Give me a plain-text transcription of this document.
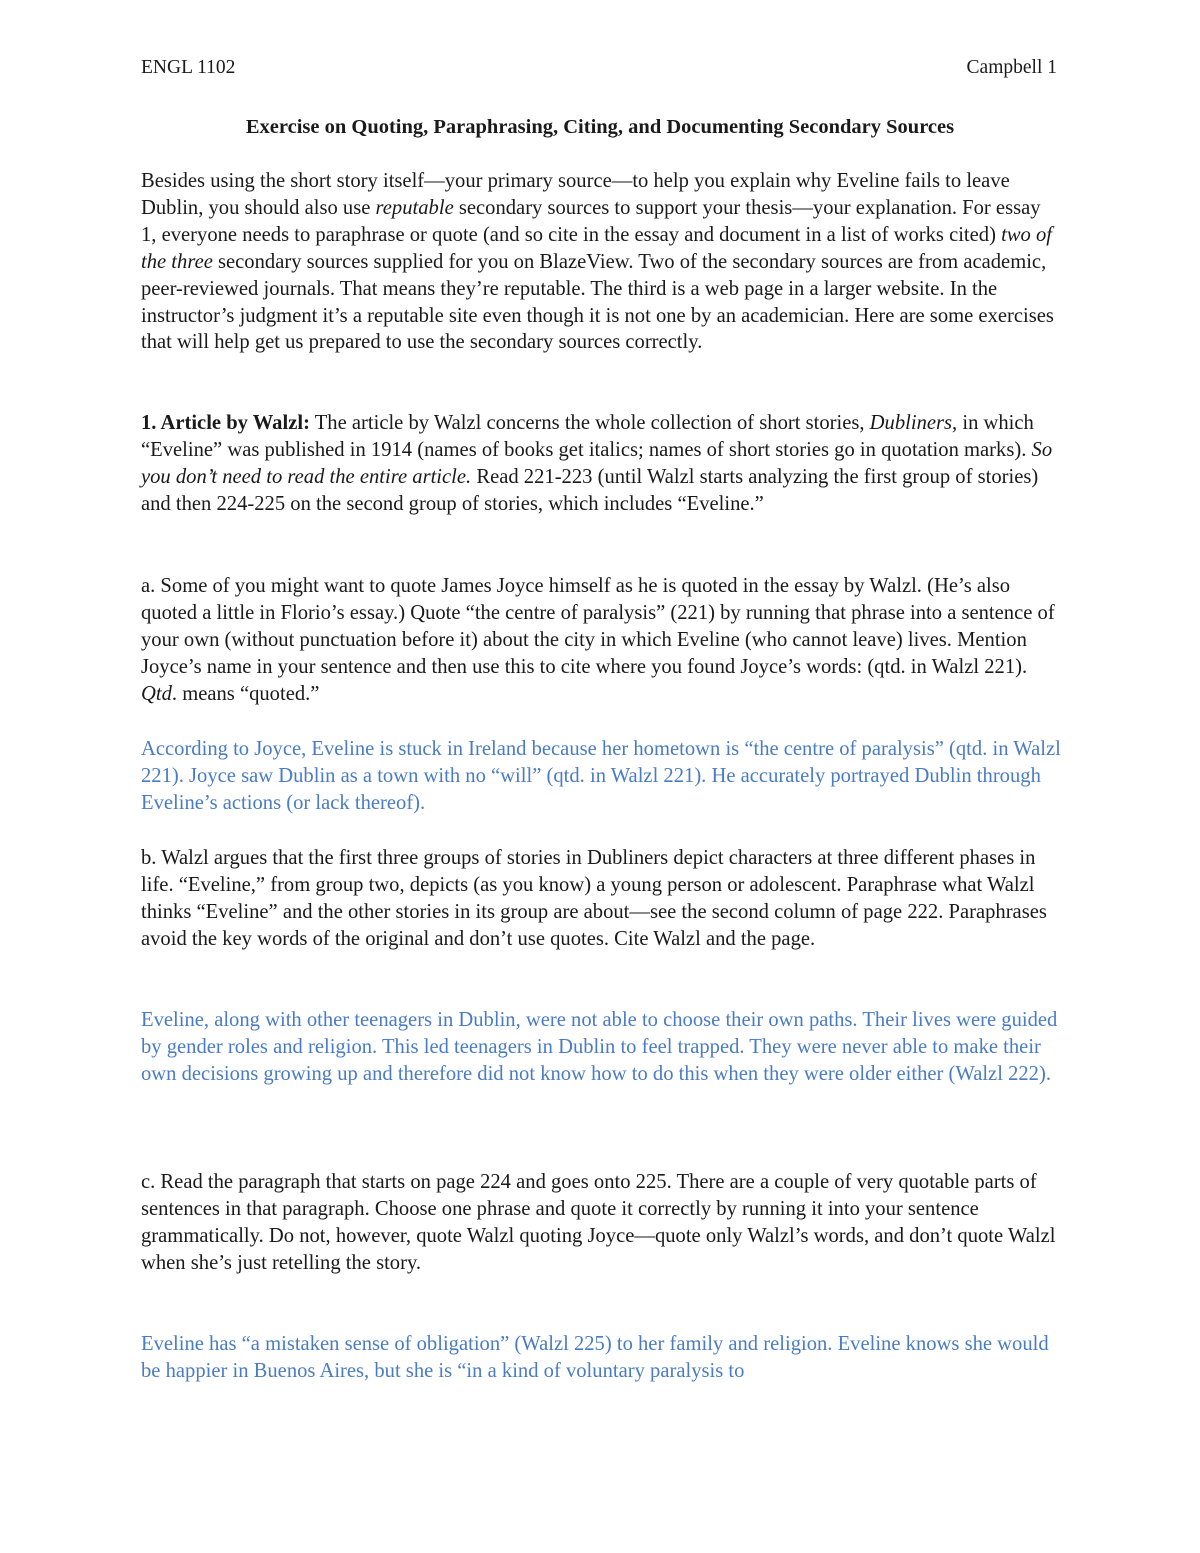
ENGL 1102	Campbell 1
Exercise on Quoting, Paraphrasing, Citing, and Documenting Secondary Sources

Besides using the short story itself—your primary source—to help you explain why Eveline fails to leave Dublin, you should also use reputable secondary sources to support your thesis—your explanation. For essay 1, everyone needs to paraphrase or quote (and so cite in the essay and document in a list of works cited) two of the three secondary sources supplied for you on BlazeView. Two of the secondary sources are from academic, peer-reviewed journals. That means they’re reputable. The third is a web page in a larger website. In the instructor’s judgment it’s a reputable site even though it is not one by an academician. Here are some exercises that will help get us prepared to use the secondary sources correctly.

1. Article by Walzl: The article by Walzl concerns the whole collection of short stories, Dubliners, in which “Eveline” was published in 1914 (names of books get italics; names of short stories go in quotation marks). So you don’t need to read the entire article. Read 221-223 (until Walzl starts analyzing the first group of stories) and then 224-225 on the second group of stories, which includes “Eveline.”

a. Some of you might want to quote James Joyce himself as he is quoted in the essay by Walzl. (He’s also quoted a little in Florio’s essay.) Quote “the centre of paralysis” (221) by running that phrase into a sentence of your own (without punctuation before it) about the city in which Eveline (who cannot leave) lives. Mention Joyce’s name in your sentence and then use this to cite where you found Joyce’s words: (qtd. in Walzl 221). Qtd. means “quoted.”

According to Joyce, Eveline is stuck in Ireland because her hometown is “the centre of paralysis” (qtd. in Walzl 221). Joyce saw Dublin as a town with no “will” (qtd. in Walzl 221). He accurately portrayed Dublin through Eveline’s actions (or lack thereof).

b. Walzl argues that the first three groups of stories in Dubliners depict characters at three different phases in life. “Eveline,” from group two, depicts (as you know) a young person or adolescent. Paraphrase what Walzl thinks “Eveline” and the other stories in its group are about—see the second column of page 222. Paraphrases avoid the key words of the original and don’t use quotes. Cite Walzl and the page.

Eveline, along with other teenagers in Dublin, were not able to choose their own paths. Their lives were guided by gender roles and religion. This led teenagers in Dublin to feel trapped. They were never able to make their own decisions growing up and therefore did not know how to do this when they were older either (Walzl 222).

c. Read the paragraph that starts on page 224 and goes onto 225. There are a couple of very quotable parts of sentences in that paragraph. Choose one phrase and quote it correctly by running it into your sentence grammatically. Do not, however, quote Walzl quoting Joyce—quote only Walzl’s words, and don’t quote Walzl when she’s just retelling the story.

Eveline has “a mistaken sense of obligation” (Walzl 225) to her family and religion. Eveline knows she would be happier in Buenos Aires, but she is “in a kind of voluntary paralysis to
